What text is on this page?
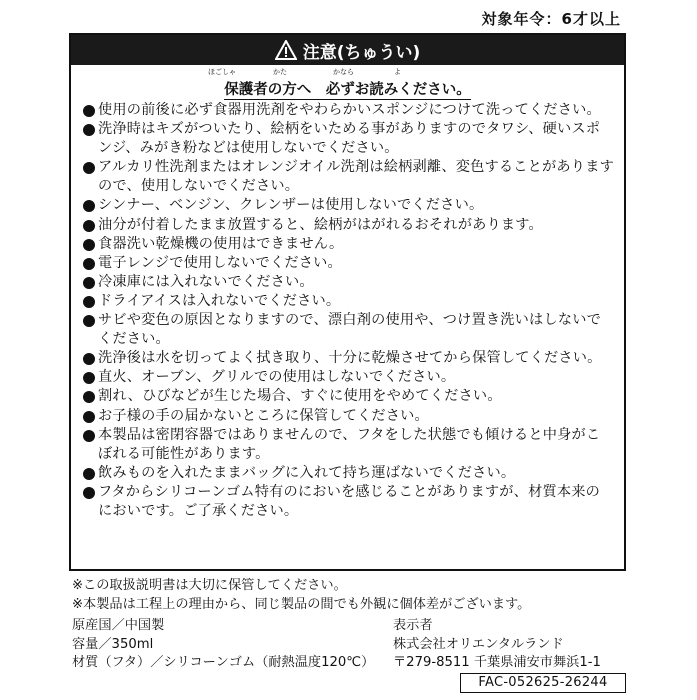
対象年令：6才以上
注意(ちゅうい)
ほごしゃ	かた	かなら	よ
保護者の方へ　必ずお読みください。
使用の前後に必ず食器用洗剤をやわらかいスポンジにつけて洗ってください。
洗浄時はキズがついたり、絵柄をいためる事がありますのでタワシ、硬いスポンジ、みがき粉などは使用しないでください。
アルカリ性洗剤またはオレンジオイル洗剤は絵柄剥離、変色することがありますので、使用しないでください。
シンナー、ベンジン、クレンザーは使用しないでください。
油分が付着したまま放置すると、絵柄がはがれるおそれがあります。
食器洗い乾燥機の使用はできません。
電子レンジで使用しないでください。
冷凍庫には入れないでください。
ドライアイスは入れないでください。
サビや変色の原因となりますので、漂白剤の使用や、つけ置き洗いはしないでください。
洗浄後は水を切ってよく拭き取り、十分に乾燥させてから保管してください。
直火、オーブン、グリルでの使用はしないでください。
割れ、ひびなどが生じた場合、すぐに使用をやめてください。
お子様の手の届かないところに保管してください。
本製品は密閉容器ではありませんので、フタをした状態でも傾けると中身がこぼれる可能性があります。
飲みものを入れたままバッグに入れて持ち運ばないでください。
フタからシリコーンゴム特有のにおいを感じることがありますが、材質本来のにおいです。ご了承ください。
※この取扱説明書は大切に保管してください。
※本製品は工程上の理由から、同じ製品の間でも外観に個体差がございます。
原産国／中国製
容量／350ml
材質（フタ）／シリコーンゴム（耐熱温度120℃）
表示者
株式会社オリエンタルランド
〒279-8511 千葉県浦安市舞浜1-1
FAC-052625-26244
